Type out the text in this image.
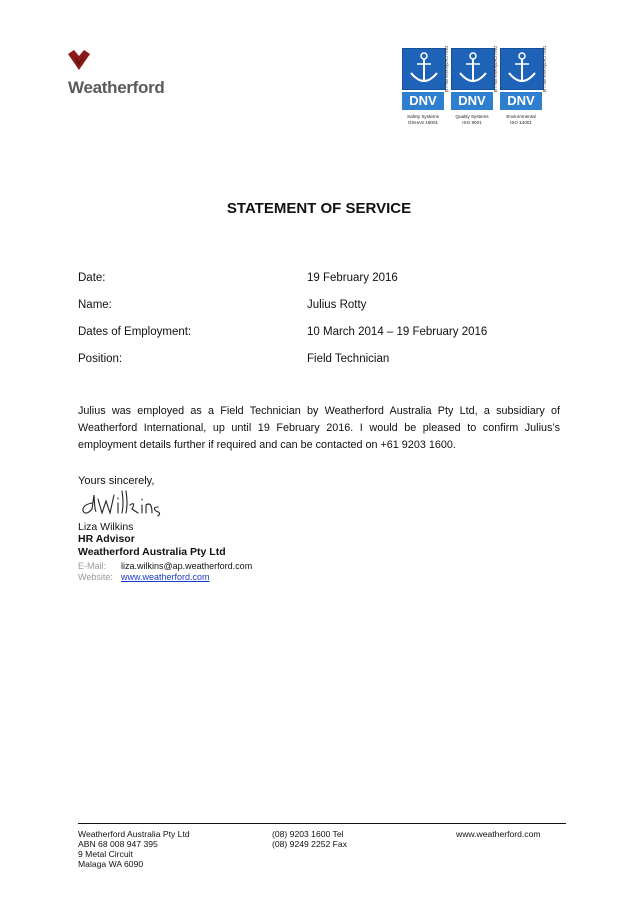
Weatherford	DNV Certification Pty Ltd
DNV
Safety Systems
OSHAS 18001
DNV Certification Pty Ltd
DNV
Quality Systems
ISO 9001
DNV Certification Pty Ltd
DNV
Environmental
ISO 14001
STATEMENT OF SERVICE
Date:	19 February 2016
Name:	Julius Rotty
Dates of Employment:	10 March 2014 – 19 February 2016
Position:	Field Technician
Julius was employed as a Field Technician by Weatherford Australia Pty Ltd, a subsidiary of Weatherford International, up until 19 February 2016. I would be pleased to confirm Julius’s employment details further if required and can be contacted on +61 9203 1600.
Yours sincerely,
Liza Wilkins
HR Advisor
Weatherford Australia Pty Ltd
E-Mail: liza.wilkins@ap.weatherford.com
Website: www.weatherford.com
Weatherford Australia Pty Ltd
ABN 68 008 947 395
9 Metal Circuit
Malaga WA 6090
(08) 9203 1600 Tel
(08) 9249 2252 Fax
www.weatherford.com
